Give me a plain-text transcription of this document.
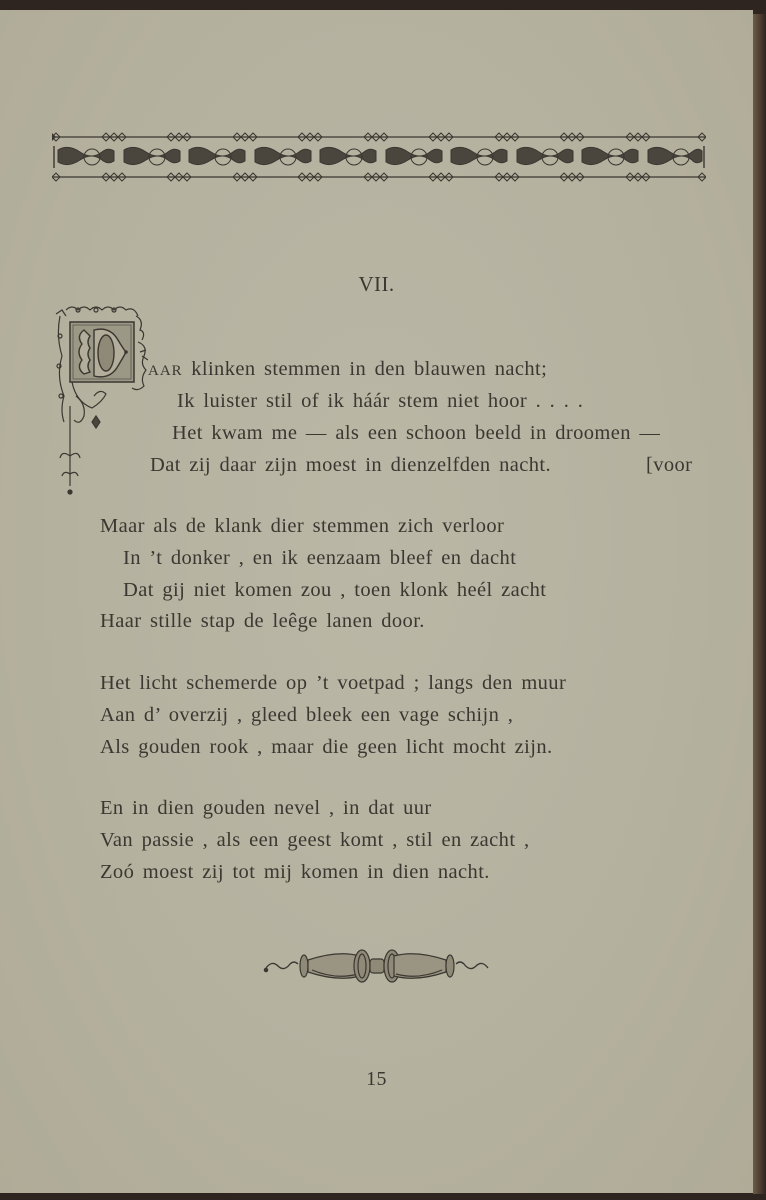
VII.
AAR klinken stemmen in den blauwen nacht;
Ik luister stil of ik háár stem niet hoor . . . .
Het kwam me — als een schoon beeld in droomen —
Dat zij daar zijn moest in dienzelfden nacht.	[voor
Maar als de klank dier stemmen zich verloor
In ’t donker , en ik eenzaam bleef en dacht
Dat gij niet komen zou , toen klonk heél zacht
Haar stille stap de leêge lanen door.
Het licht schemerde op ’t voetpad ; langs den muur
Aan d’ overzij , gleed bleek een vage schijn ,
Als gouden rook , maar die geen licht mocht zijn.
En in dien gouden nevel , in dat uur
Van passie , als een geest komt , stil en zacht ,
Zoó moest zij tot mij komen in dien nacht.
15
